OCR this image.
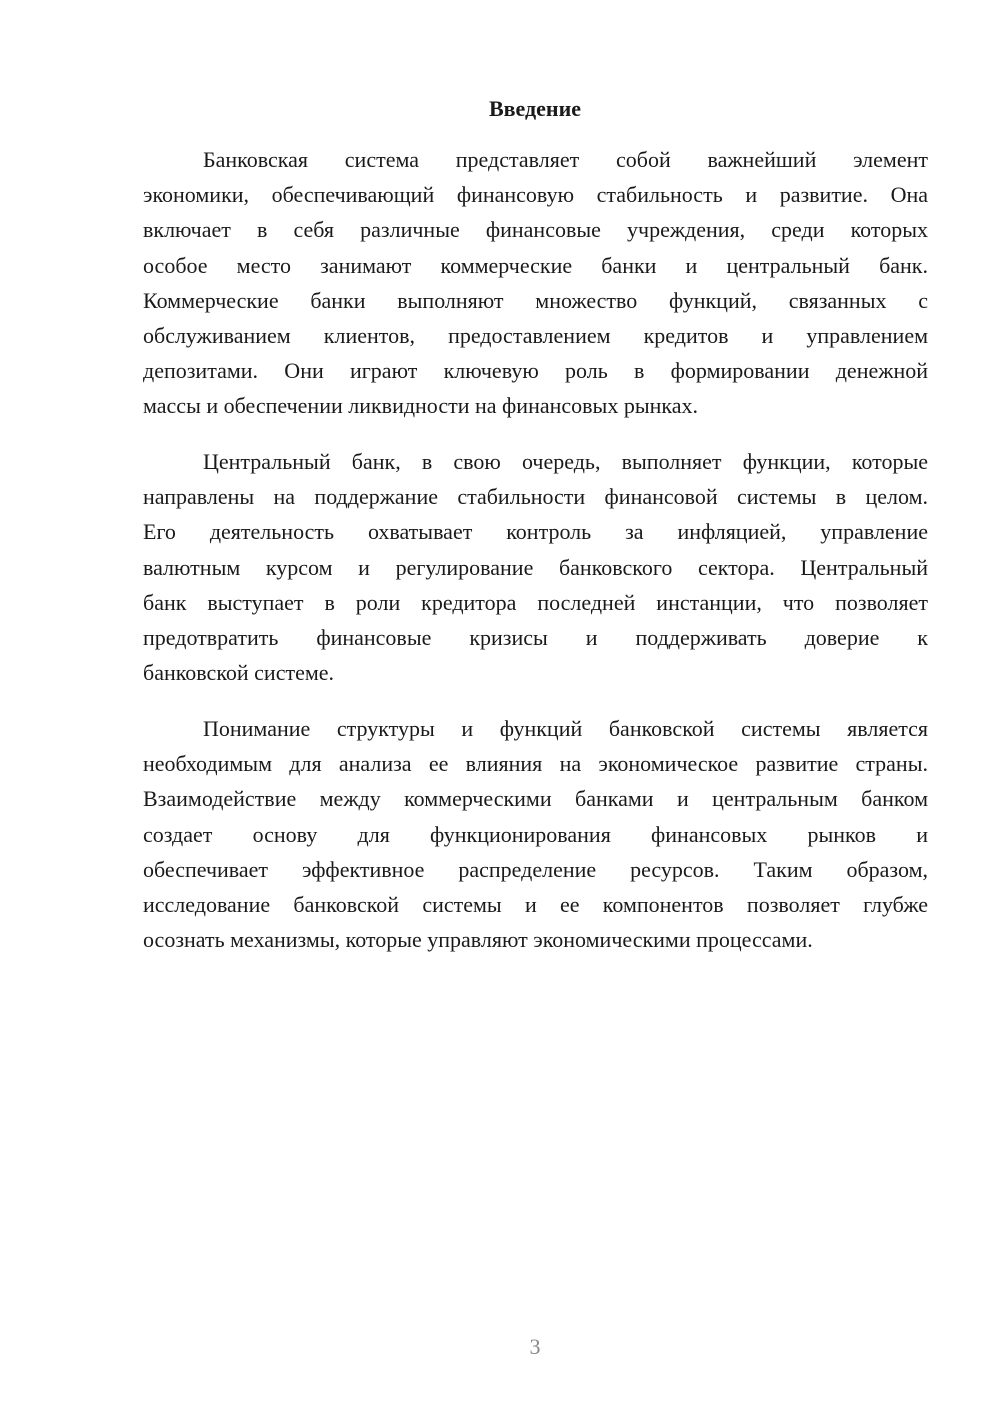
Введение
Банковская система представляет собой важнейший элемент
экономики, обеспечивающий финансовую стабильность и развитие. Она
включает в себя различные финансовые учреждения, среди которых
особое место занимают коммерческие банки и центральный банк.
Коммерческие банки выполняют множество функций, связанных с
обслуживанием клиентов, предоставлением кредитов и управлением
депозитами. Они играют ключевую роль в формировании денежной
массы и обеспечении ликвидности на финансовых рынках.
Центральный банк, в свою очередь, выполняет функции, которые
направлены на поддержание стабильности финансовой системы в целом.
Его деятельность охватывает контроль за инфляцией, управление
валютным курсом и регулирование банковского сектора. Центральный
банк выступает в роли кредитора последней инстанции, что позволяет
предотвратить финансовые кризисы и поддерживать доверие к
банковской системе.
Понимание структуры и функций банковской системы является
необходимым для анализа ее влияния на экономическое развитие страны.
Взаимодействие между коммерческими банками и центральным банком
создает основу для функционирования финансовых рынков и
обеспечивает эффективное распределение ресурсов. Таким образом,
исследование банковской системы и ее компонентов позволяет глубже
осознать механизмы, которые управляют экономическими процессами.
3
